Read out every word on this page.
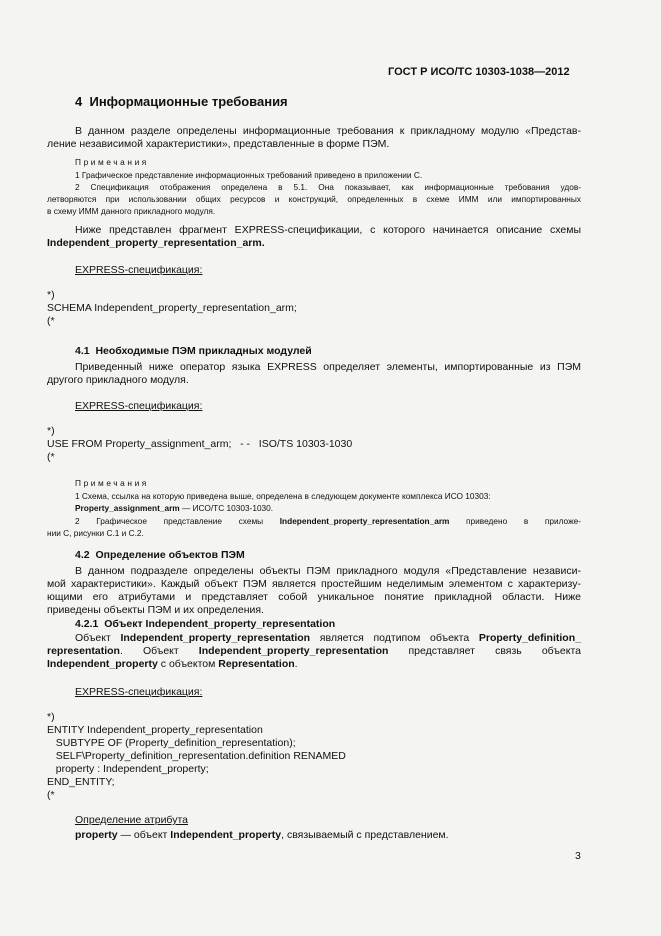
ГОСТ Р ИСО/ТС 10303-1038—2012

4 Информационные требования

В данном разделе определены информационные требования к прикладному модулю «Представ-

ление независимой характеристики», представленные в форме ПЭМ.

Примечания

1 Графическое представление информационных требований приведено в приложении С.

2 Спецификация отображения определена в 5.1. Она показывает, как информационные требования удов-

летворяются при использовании общих ресурсов и конструкций, определенных в схеме ИММ или импортированных

в схему ИММ данного прикладного модуля.

Ниже представлен фрагмент EXPRESS-спецификации, с которого начинается описание схемы

Independent_property_representation_arm.

EXPRESS-спецификация:

*)

SCHEMA Independent_property_representation_arm;

(*

4.1 Необходимые ПЭМ прикладных модулей

Приведенный ниже оператор языка EXPRESS определяет элементы, импортированные из ПЭМ

другого прикладного модуля.

EXPRESS-спецификация:

*)

USE FROM Property_assignment_arm;   - -   ISO/TS 10303-1030

(*

Примечания

1 Схема, ссылка на которую приведена выше, определена в следующем документе комплекса ИСО 10303:

Property_assignment_arm — ИСО/ТС 10303-1030.

2 Графическое представление схемы Independent_property_representation_arm приведено в приложе-

нии С, рисунки С.1 и С.2.

4.2 Определение объектов ПЭМ

В данном подразделе определены объекты ПЭМ прикладного модуля «Представление независи-

мой характеристики». Каждый объект ПЭМ является простейшим неделимым элементом с характеризу-

ющими его атрибутами и представляет собой уникальное понятие прикладной области. Ниже

приведены объекты ПЭМ и их определения.

4.2.1 Объект Independent_property_representation

Объект Independent_property_representation является подтипом объекта Property_definition_

representation. Объект Independent_property_representation представляет связь объекта

Independent_property с объектом Representation.

EXPRESS-спецификация:

*)

ENTITY Independent_property_representation

SUBTYPE OF (Property_definition_representation);

SELF\Property_definition_representation.definition RENAMED

property : Independent_property;

END_ENTITY;

(*

Определение атрибута

property — объект Independent_property, связываемый с представлением.

3
